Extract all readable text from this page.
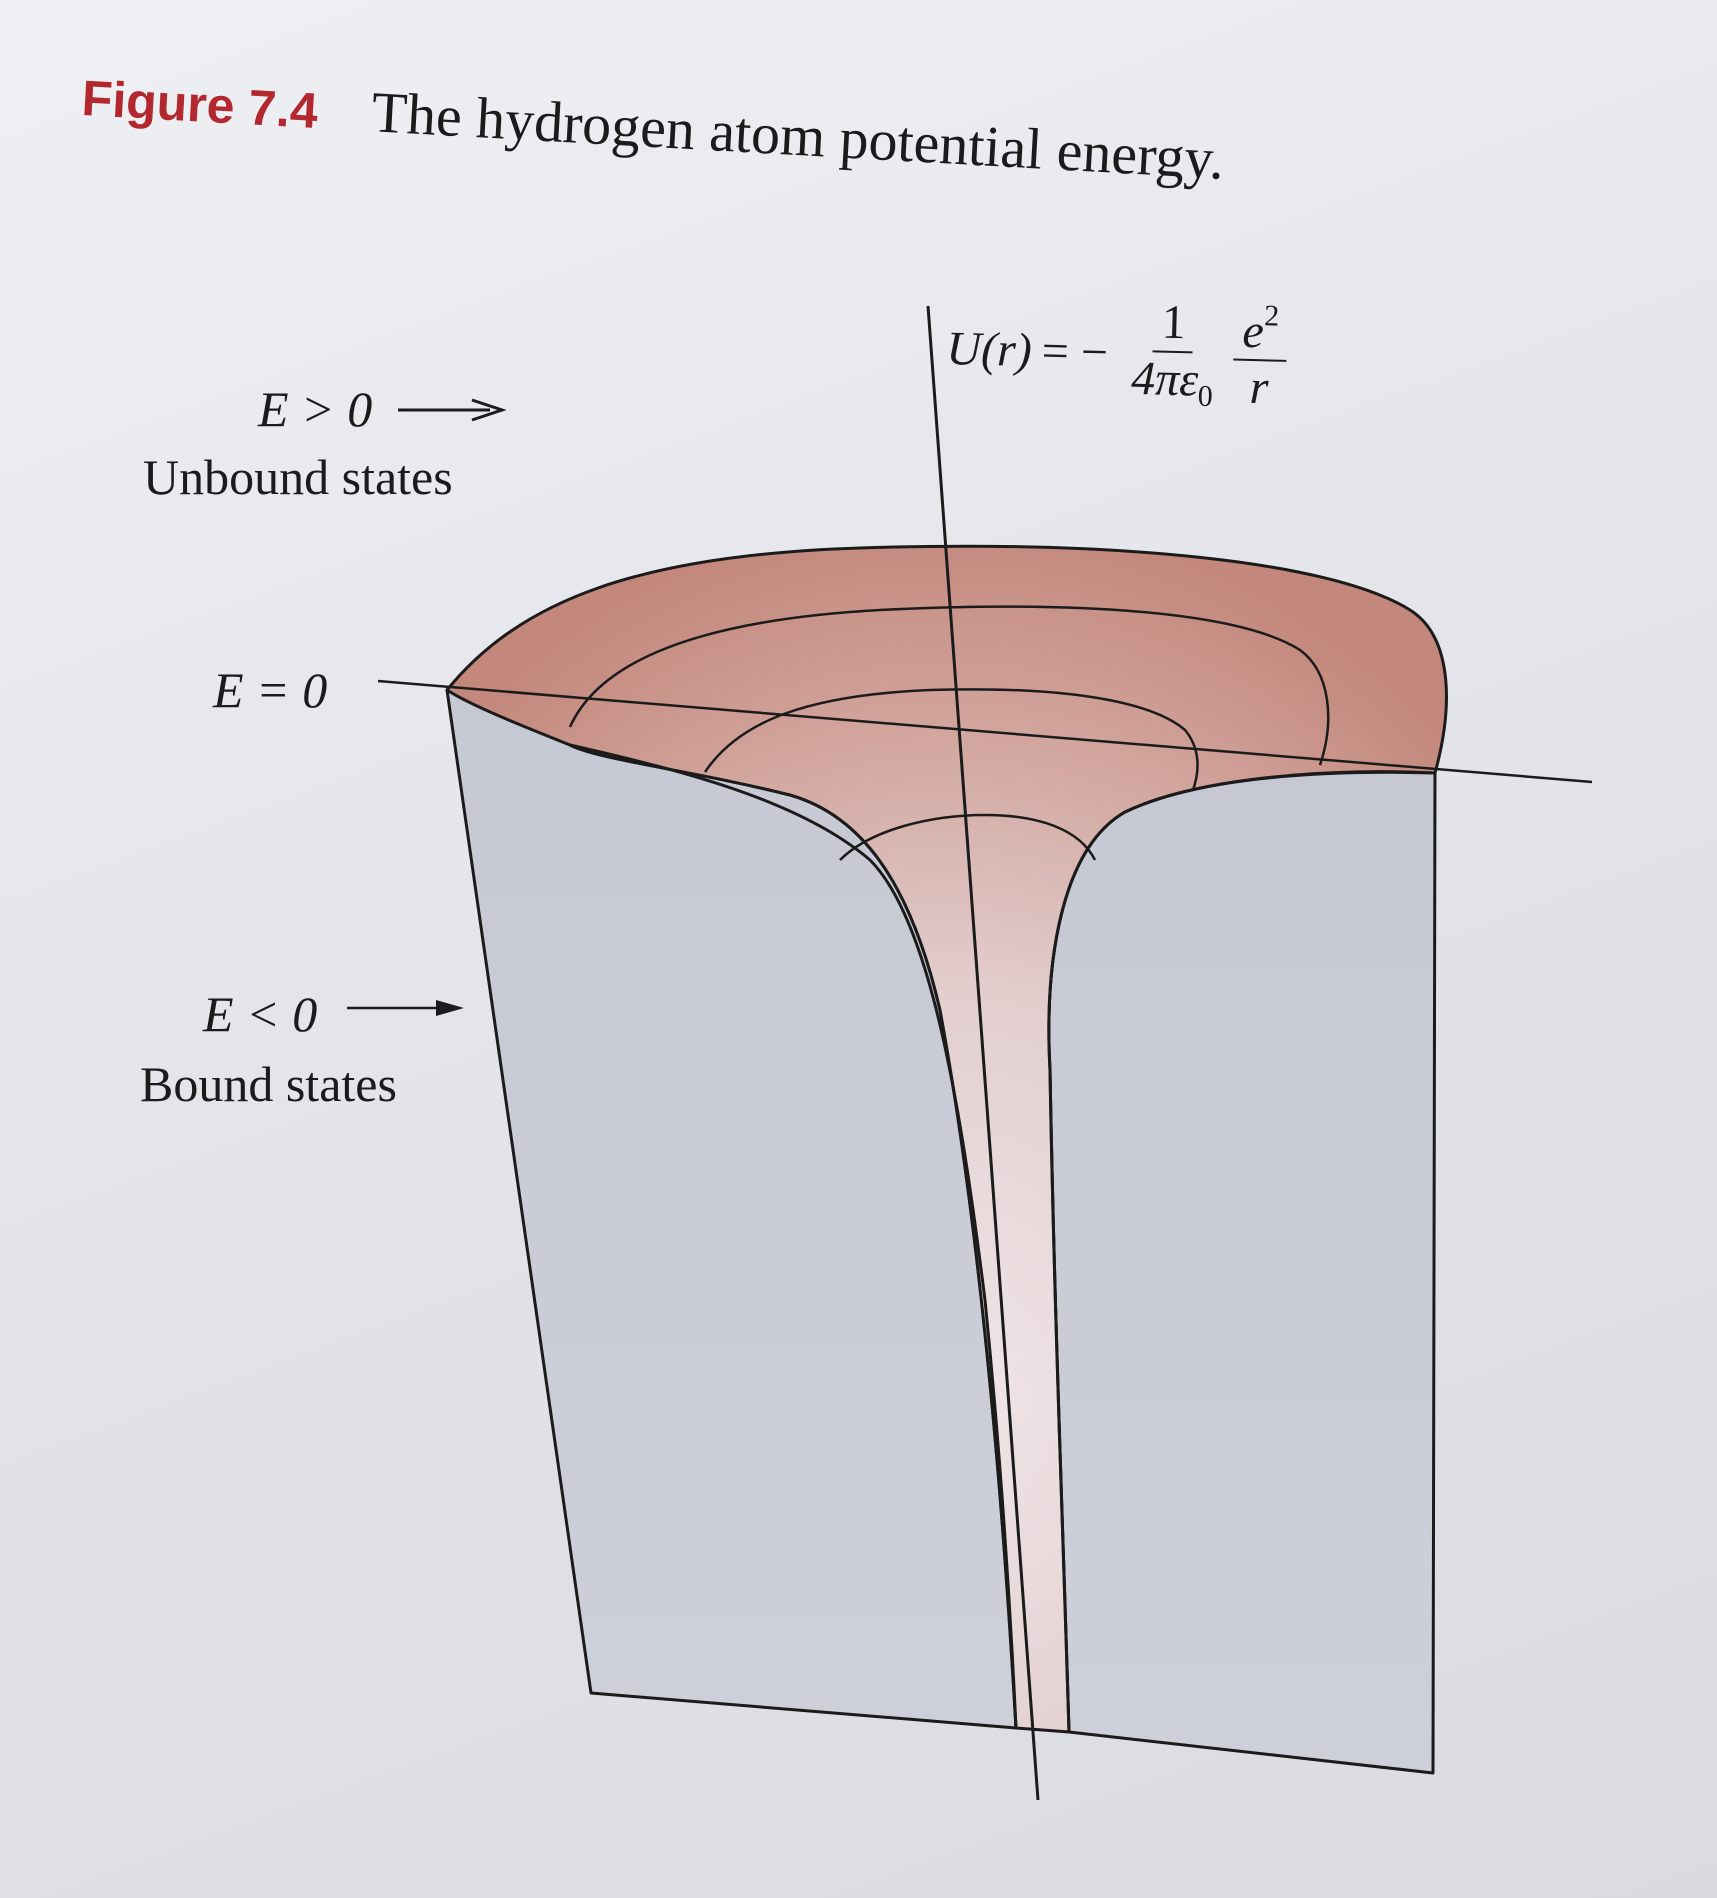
Figure 7.4 The hydrogen atom potential energy.
U(r) = − $\frac{1}{4\pi\varepsilon_0} \frac{e^2}{r}$
E > 0
Unbound states
E = 0
E < 0
Bound states
